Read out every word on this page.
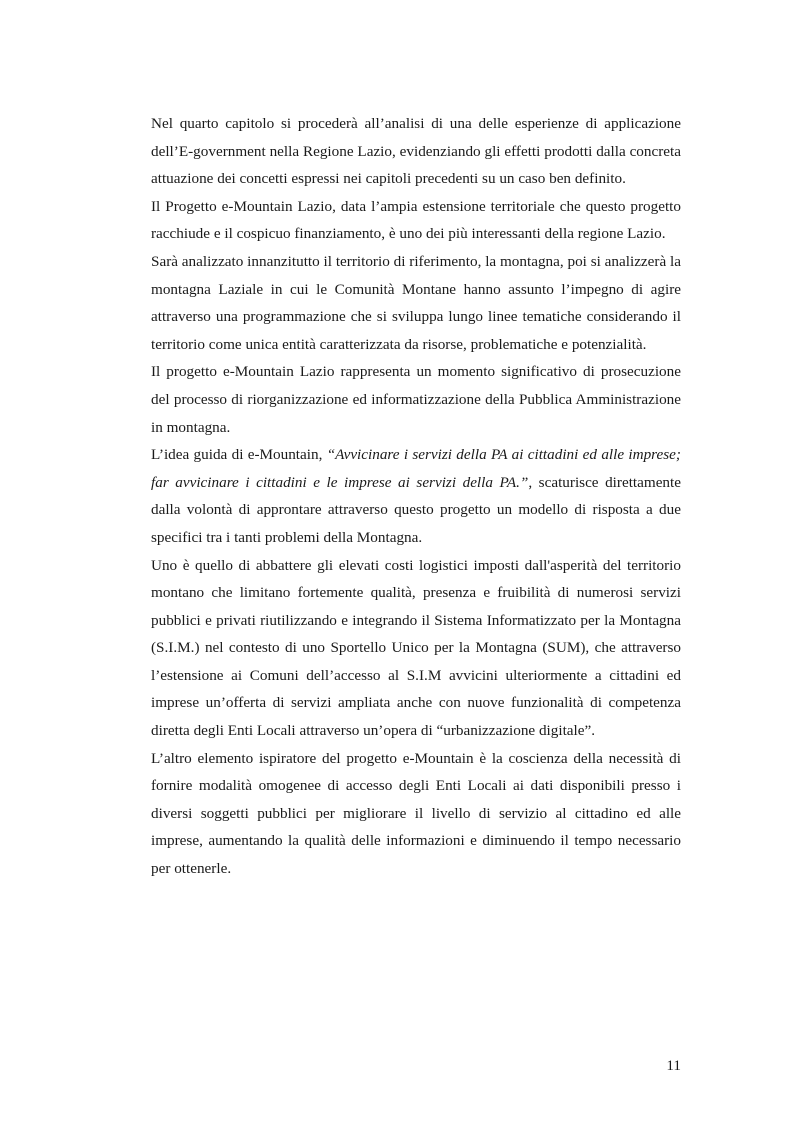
Nel quarto capitolo si procederà all’analisi di una delle esperienze di applicazione dell’E-government nella Regione Lazio, evidenziando gli effetti prodotti dalla concreta attuazione dei concetti espressi nei capitoli precedenti su un caso ben definito.

Il Progetto e-Mountain Lazio, data l’ampia estensione territoriale che questo progetto racchiude e il cospicuo finanziamento, è uno dei più interessanti della regione Lazio.

Sarà analizzato innanzitutto il territorio di riferimento, la montagna, poi si analizzerà la montagna Laziale in cui le Comunità Montane hanno assunto l’impegno di agire attraverso una programmazione che si sviluppa lungo linee tematiche considerando il territorio come unica entità caratterizzata da risorse, problematiche e potenzialità.

Il progetto e-Mountain Lazio rappresenta un momento significativo di prosecuzione del processo di riorganizzazione ed informatizzazione della Pubblica Amministrazione in montagna.

L’idea guida di e-Mountain, “Avvicinare i servizi della PA ai cittadini ed alle imprese; far avvicinare i cittadini e le imprese ai servizi della PA.”, scaturisce direttamente dalla volontà di approntare attraverso questo progetto un modello di risposta a due specifici tra i tanti problemi della Montagna.

Uno è quello di abbattere gli elevati costi logistici imposti dall'asperità del territorio montano che limitano fortemente qualità, presenza e fruibilità di numerosi servizi pubblici e privati riutilizzando e integrando il Sistema Informatizzato per la Montagna (S.I.M.) nel contesto di uno Sportello Unico per la Montagna (SUM), che attraverso l’estensione ai Comuni dell’accesso al S.I.M avvicini ulteriormente a cittadini ed imprese un’offerta di servizi ampliata anche con nuove funzionalità di competenza diretta degli Enti Locali attraverso un’opera di “urbanizzazione digitale”.

L’altro elemento ispiratore del progetto e-Mountain è la coscienza della necessità di fornire modalità omogenee di accesso degli Enti Locali ai dati disponibili presso i diversi soggetti pubblici per migliorare il livello di servizio al cittadino ed alle imprese, aumentando la qualità delle informazioni e diminuendo il tempo necessario per ottenerle.

11
